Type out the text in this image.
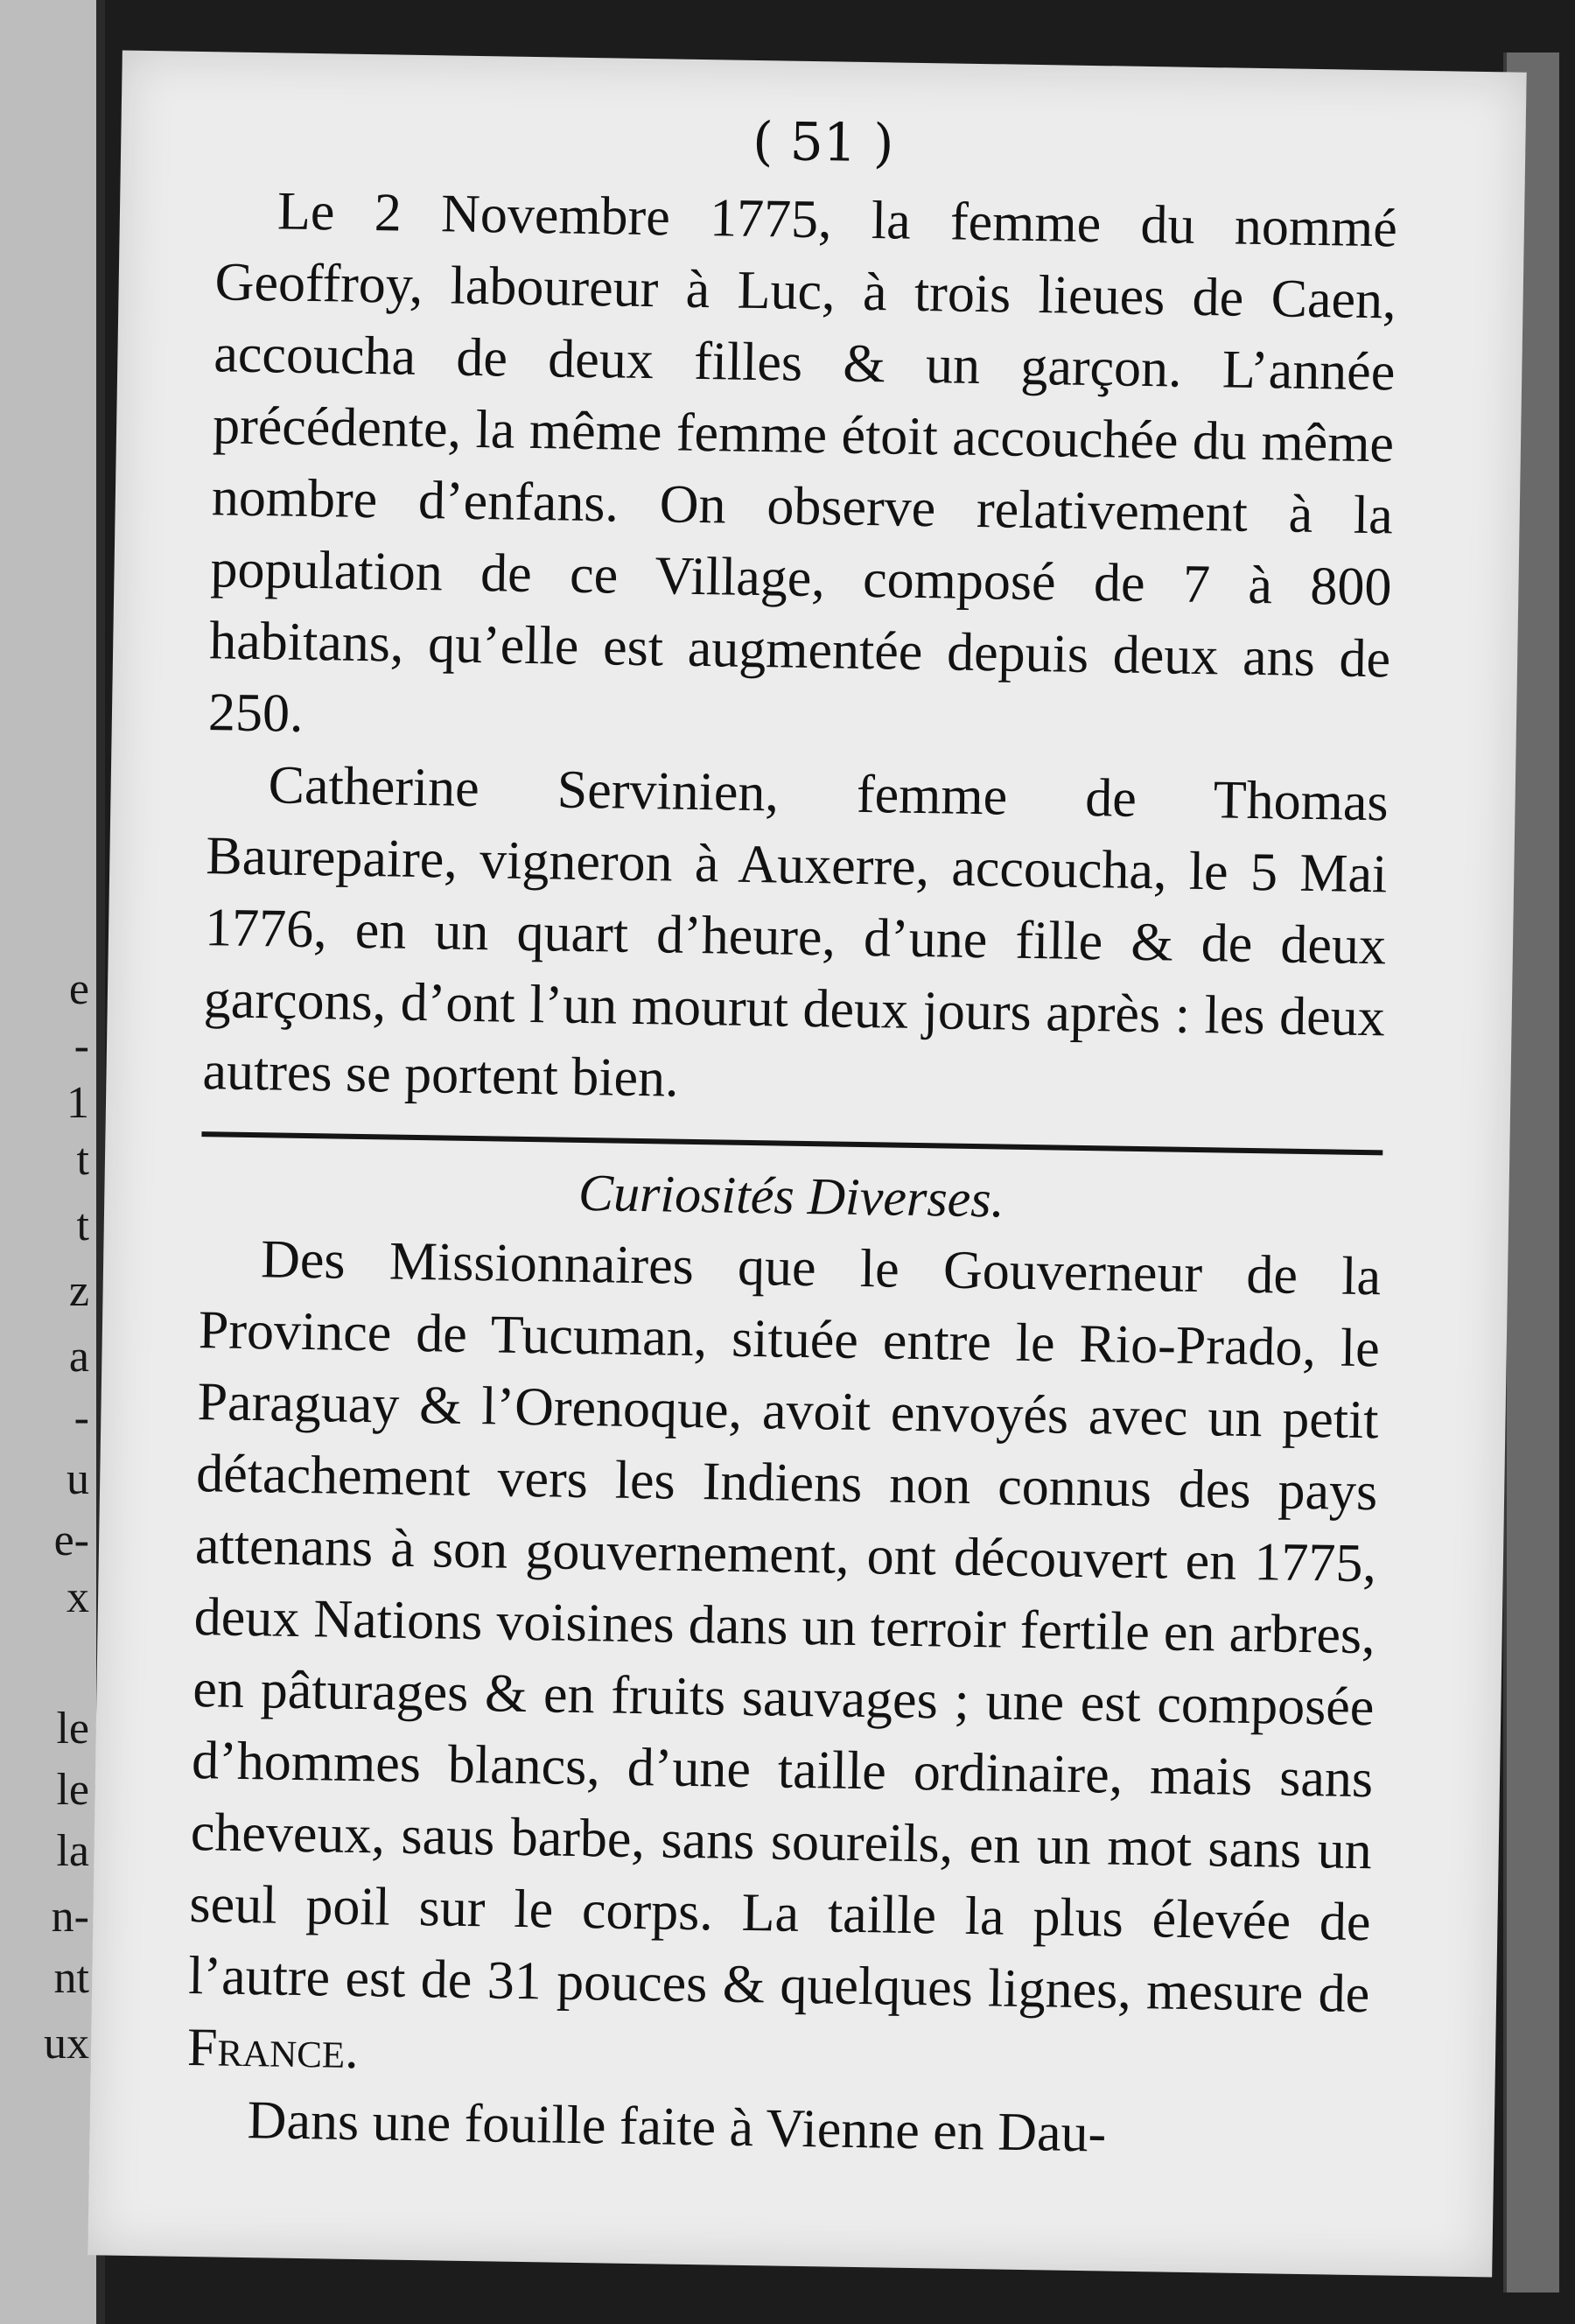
e
-
1
t
t
z
a
-
u
e-
x
le
le
la
n-
nt
ux
( 51 )

Le 2 Novembre 1775, la femme du nommé Geoffroy, laboureur à Luc, à trois lieues de Caen, accoucha de deux filles & un garçon. L’année précédente, la même femme étoit accouchée du même nombre d’enfans. On observe relativement à la population de ce Village, composé de 7 à 800 habitans, qu’elle est augmentée depuis deux ans de 250.

Catherine Servinien, femme de Thomas Baurepaire, vigneron à Auxerre, accoucha, le 5 Mai 1776, en un quart d’heure, d’une fille & de deux garçons, d’ont l’un mourut deux jours après : les deux autres se portent bien.

Curiosités Diverses.

Des Missionnaires que le Gouverneur de la Province de Tucuman, située entre le Rio-Prado, le Paraguay & l’Orenoque, avoit envoyés avec un petit détachement vers les Indiens non connus des pays attenans à son gouvernement, ont découvert en 1775, deux Nations voisines dans un terroir fertile en arbres, en pâturages & en fruits sauvages ; une est composée d’hommes blancs, d’une taille ordinaire, mais sans cheveux, saus barbe, sans soureils, en un mot sans un seul poil sur le corps. La taille la plus élevée de l’autre est de 31 pouces & quelques lignes, mesure de France.

Dans une fouille faite à Vienne en Dau-
